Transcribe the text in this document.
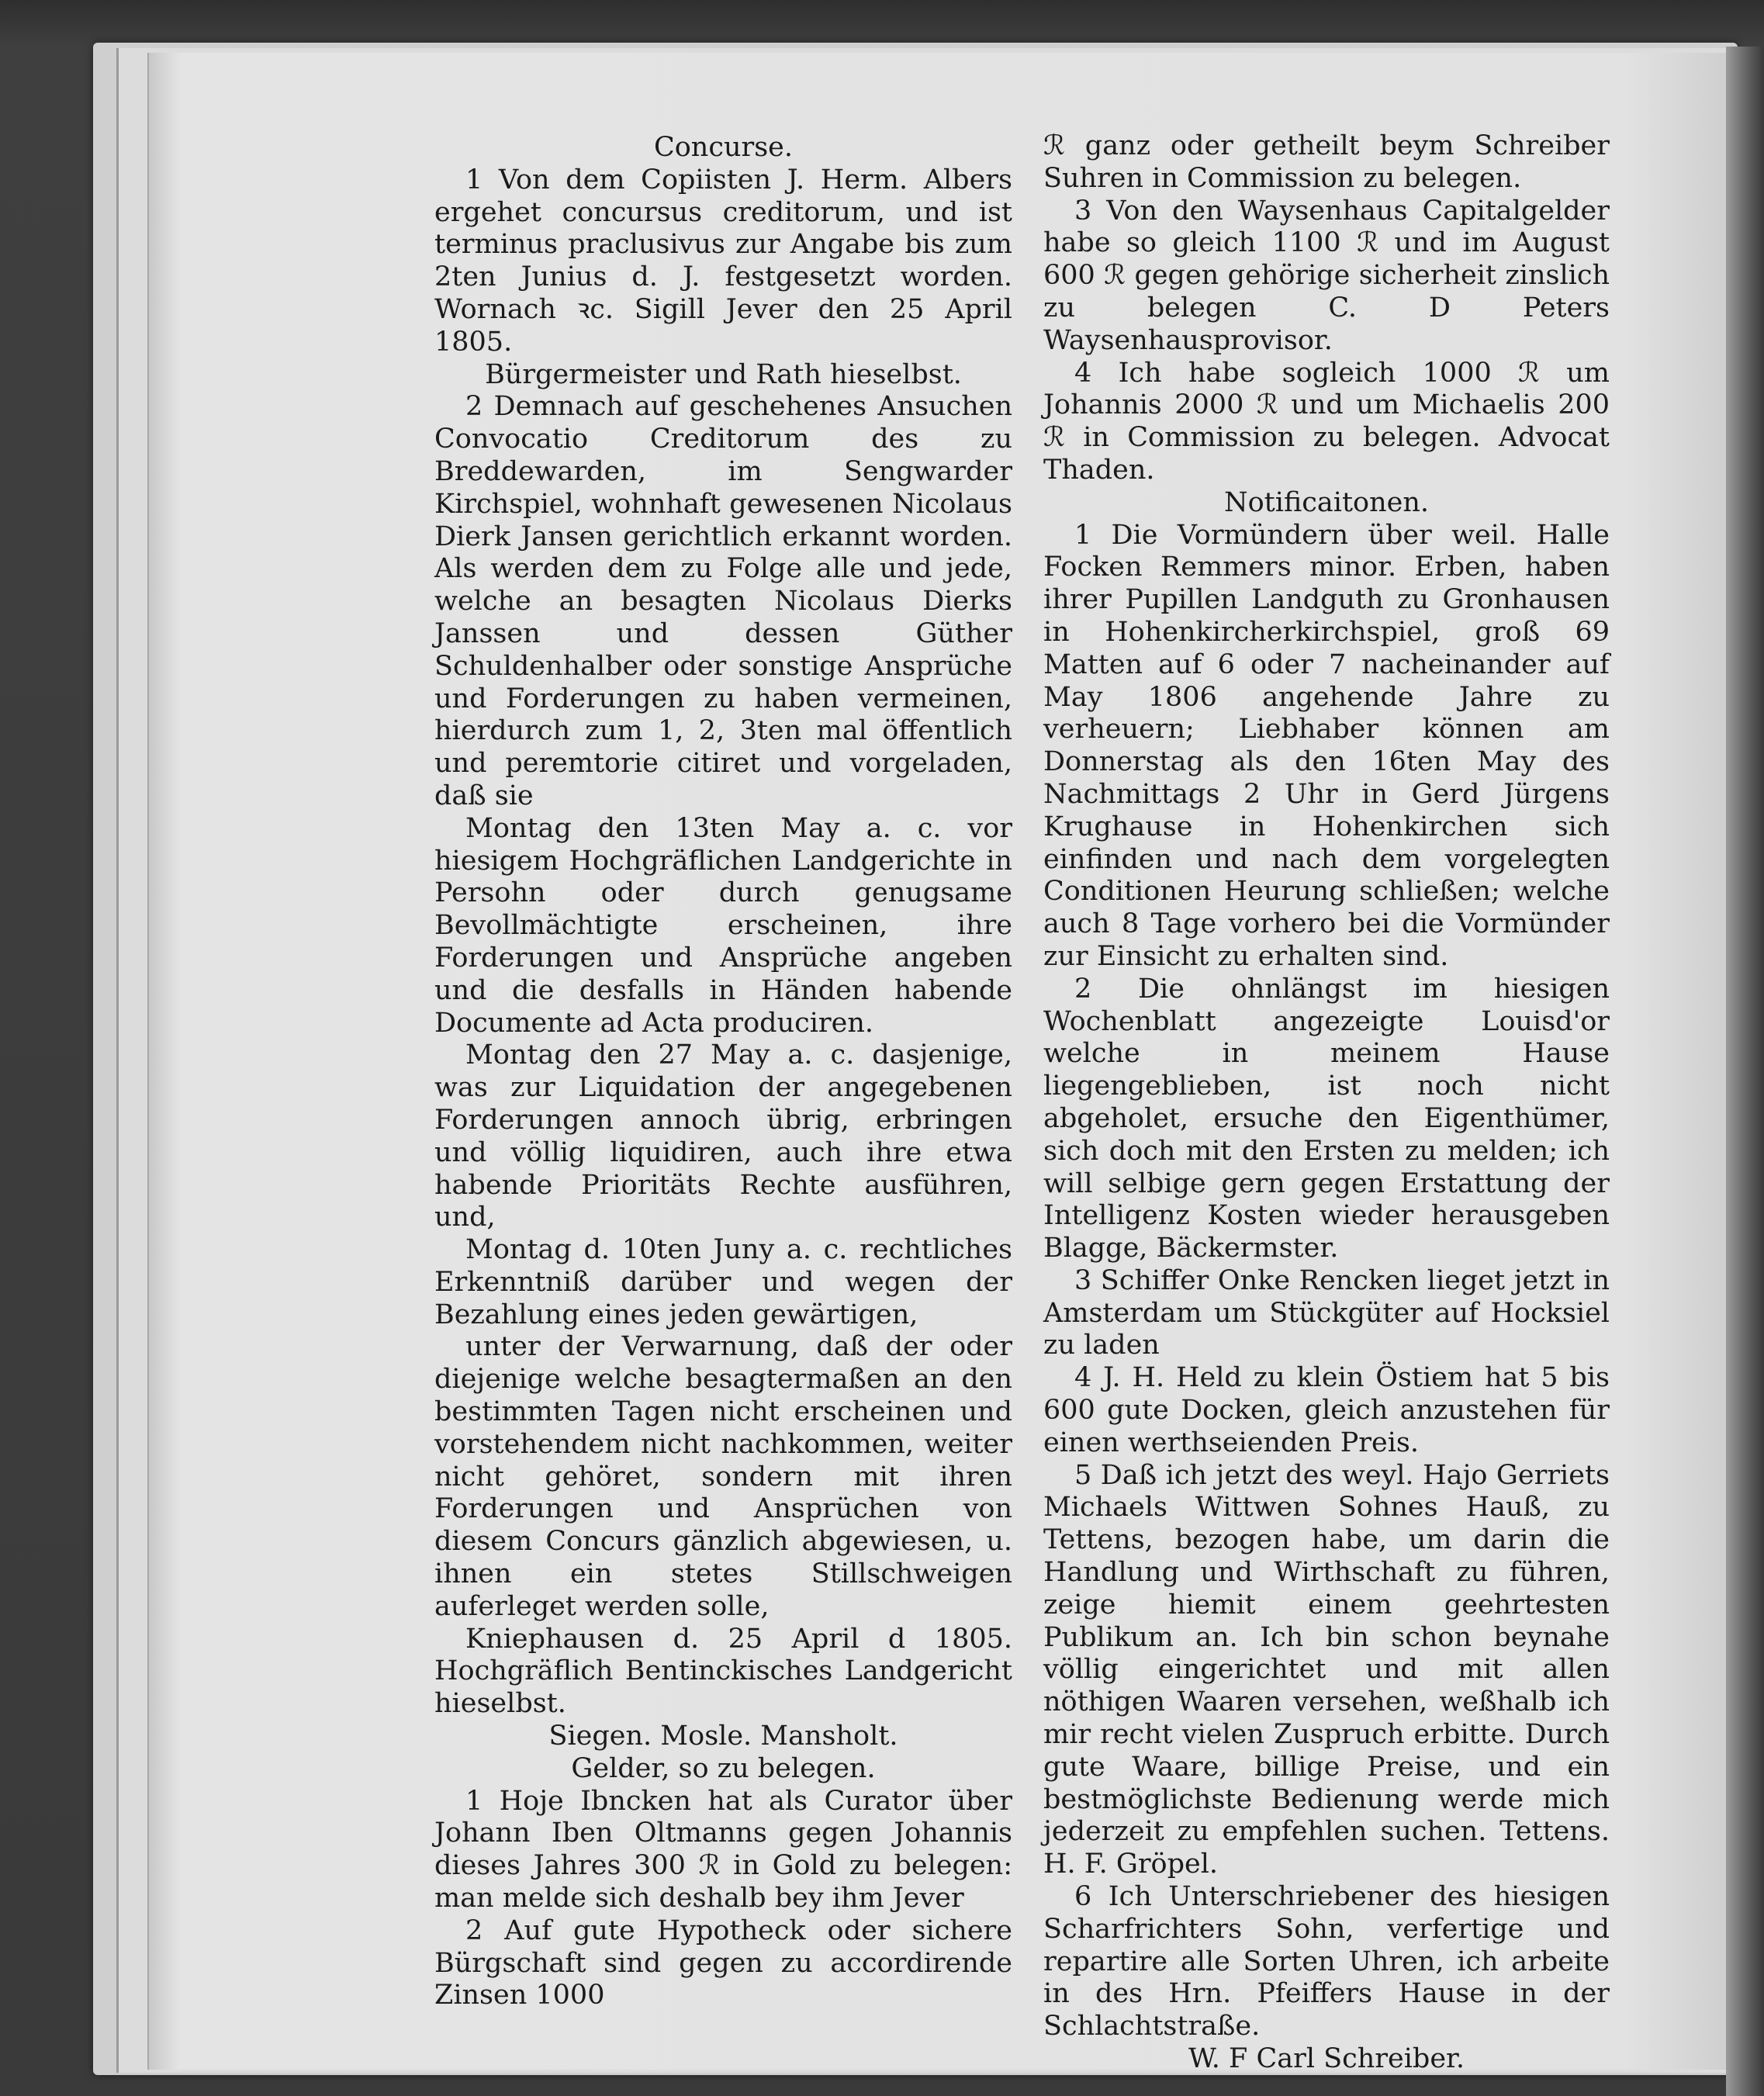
Concurse.

1 Von dem Copiisten J. Herm. Albers ergehet concursus creditorum, und ist terminus praclusivus zur Angabe bis zum 2ten Junius d. J. festgesetzt worden. Wornach ꝛc. Sigill Jever den 25 April 1805.

Bürgermeister und Rath hieselbst.

2 Demnach auf geschehenes Ansuchen Convocatio Creditorum des zu Breddewarden, im Sengwarder Kirchspiel, wohnhaft gewesenen Nicolaus Dierk Jansen gerichtlich erkannt worden. Als werden dem zu Folge alle und jede, welche an besagten Nicolaus Dierks Janssen und dessen Güther Schuldenhalber oder sonstige Ansprüche und Forderungen zu haben vermeinen, hierdurch zum 1, 2, 3ten mal öffentlich und peremtorie citiret und vorgeladen, daß sie

Montag den 13ten May a. c. vor hiesigem Hochgräflichen Landgerichte in Persohn oder durch genugsame Bevollmächtigte erscheinen, ihre Forderungen und Ansprüche angeben und die desfalls in Händen habende Documente ad Acta produciren.

Montag den 27 May a. c. dasjenige, was zur Liquidation der angegebenen Forderungen annoch übrig, erbringen und völlig liquidiren, auch ihre etwa habende Prioritäts Rechte ausführen, und,

Montag d. 10ten Juny a. c. rechtliches Erkenntniß darüber und wegen der Bezahlung eines jeden gewärtigen,

unter der Verwarnung, daß der oder diejenige welche besagtermaßen an den bestimmten Tagen nicht erscheinen und vorstehendem nicht nachkommen, weiter nicht gehöret, sondern mit ihren Forderungen und Ansprüchen von diesem Concurs gänzlich abgewiesen, u. ihnen ein stetes Stillschweigen auferleget werden solle,

Kniephausen d. 25 April d 1805. Hochgräflich Bentinckisches Landgericht hieselbst.

Siegen. Mosle. Mansholt.

Gelder, so zu belegen.

1 Hoje Ibncken hat als Curator über Johann Iben Oltmanns gegen Johannis dieses Jahres 300 ℛ in Gold zu belegen: man melde sich deshalb bey ihm Jever

2 Auf gute Hypotheck oder sichere Bürgschaft sind gegen zu accordirende Zinsen 1000

ℛ ganz oder getheilt beym Schreiber Suhren in Commission zu belegen.

3 Von den Waysenhaus Capitalgelder habe so gleich 1100 ℛ und im August 600 ℛ gegen gehörige sicherheit zinslich zu belegen C. D Peters Waysenhausprovisor.

4 Ich habe sogleich 1000 ℛ um Johannis 2000 ℛ und um Michaelis 200 ℛ in Commission zu belegen. Advocat Thaden.

Notificaitonen.

1 Die Vormündern über weil. Halle Focken Remmers minor. Erben, haben ihrer Pupillen Landguth zu Gronhausen in Hohenkircherkirchspiel, groß 69 Matten auf 6 oder 7 nacheinander auf May 1806 angehende Jahre zu verheuern; Liebhaber können am Donnerstag als den 16ten May des Nachmittags 2 Uhr in Gerd Jürgens Krughause in Hohenkirchen sich einfinden und nach dem vorgelegten Conditionen Heurung schließen; welche auch 8 Tage vorhero bei die Vormünder zur Einsicht zu erhalten sind.

2 Die ohnlängst im hiesigen Wochenblatt angezeigte Louisd'or welche in meinem Hause liegengeblieben, ist noch nicht abgeholet, ersuche den Eigenthümer, sich doch mit den Ersten zu melden; ich will selbige gern gegen Erstattung der Intelligenz Kosten wieder herausgeben Blagge, Bäckermster.

3 Schiffer Onke Rencken lieget jetzt in Amsterdam um Stückgüter auf Hocksiel zu laden

4 J. H. Held zu klein Östiem hat 5 bis 600 gute Docken, gleich anzustehen für einen werthseienden Preis.

5 Daß ich jetzt des weyl. Hajo Gerriets Michaels Wittwen Sohnes Hauß, zu Tettens, bezogen habe, um darin die Handlung und Wirthschaft zu führen, zeige hiemit einem geehrtesten Publikum an. Ich bin schon beynahe völlig eingerichtet und mit allen nöthigen Waaren versehen, weßhalb ich mir recht vielen Zuspruch erbitte. Durch gute Waare, billige Preise, und ein bestmöglichste Bedienung werde mich jederzeit zu empfehlen suchen. Tettens. H. F. Gröpel.

6 Ich Unterschriebener des hiesigen Scharfrichters Sohn, verfertige und repartire alle Sorten Uhren, ich arbeite in des Hrn. Pfeiffers Hause in der Schlachtstraße.

W. F Carl Schreiber.
